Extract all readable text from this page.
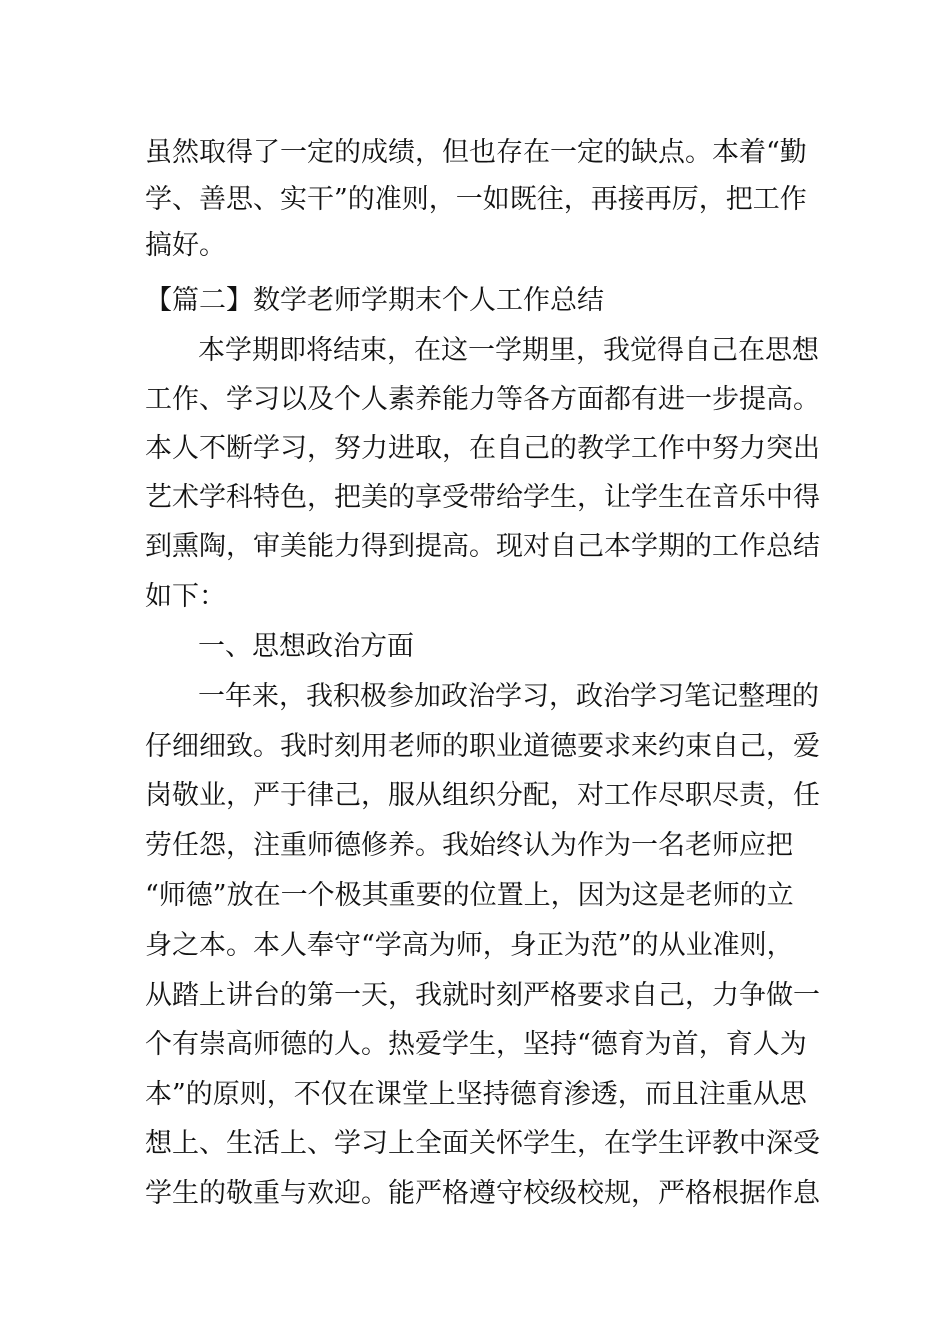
虽然取得了一定的成绩，但也存在一定的缺点。本着“勤
学、善思、实干”的准则，一如既往，再接再厉，把工作
搞好。
【篇二】数学老师学期末个人工作总结
本学期即将结束，在这一学期里，我觉得自己在思想
工作、学习以及个人素养能力等各方面都有进一步提高。
本人不断学习，努力进取，在自己的教学工作中努力突出
艺术学科特色，把美的享受带给学生，让学生在音乐中得
到熏陶，审美能力得到提高。现对自己本学期的工作总结
如下：
一、思想政治方面
一年来，我积极参加政治学习，政治学习笔记整理的
仔细细致。我时刻用老师的职业道德要求来约束自己，爱
岗敬业，严于律己，服从组织分配，对工作尽职尽责，任
劳任怨，注重师德修养。我始终认为作为一名老师应把
“师德”放在一个极其重要的位置上，因为这是老师的立
身之本。本人奉守“学高为师，身正为范”的从业准则，
从踏上讲台的第一天，我就时刻严格要求自己，力争做一
个有崇高师德的人。热爱学生，坚持“德育为首，育人为
本”的原则，不仅在课堂上坚持德育渗透，而且注重从思
想上、生活上、学习上全面关怀学生，在学生评教中深受
学生的敬重与欢迎。能严格遵守校级校规，严格根据作息
